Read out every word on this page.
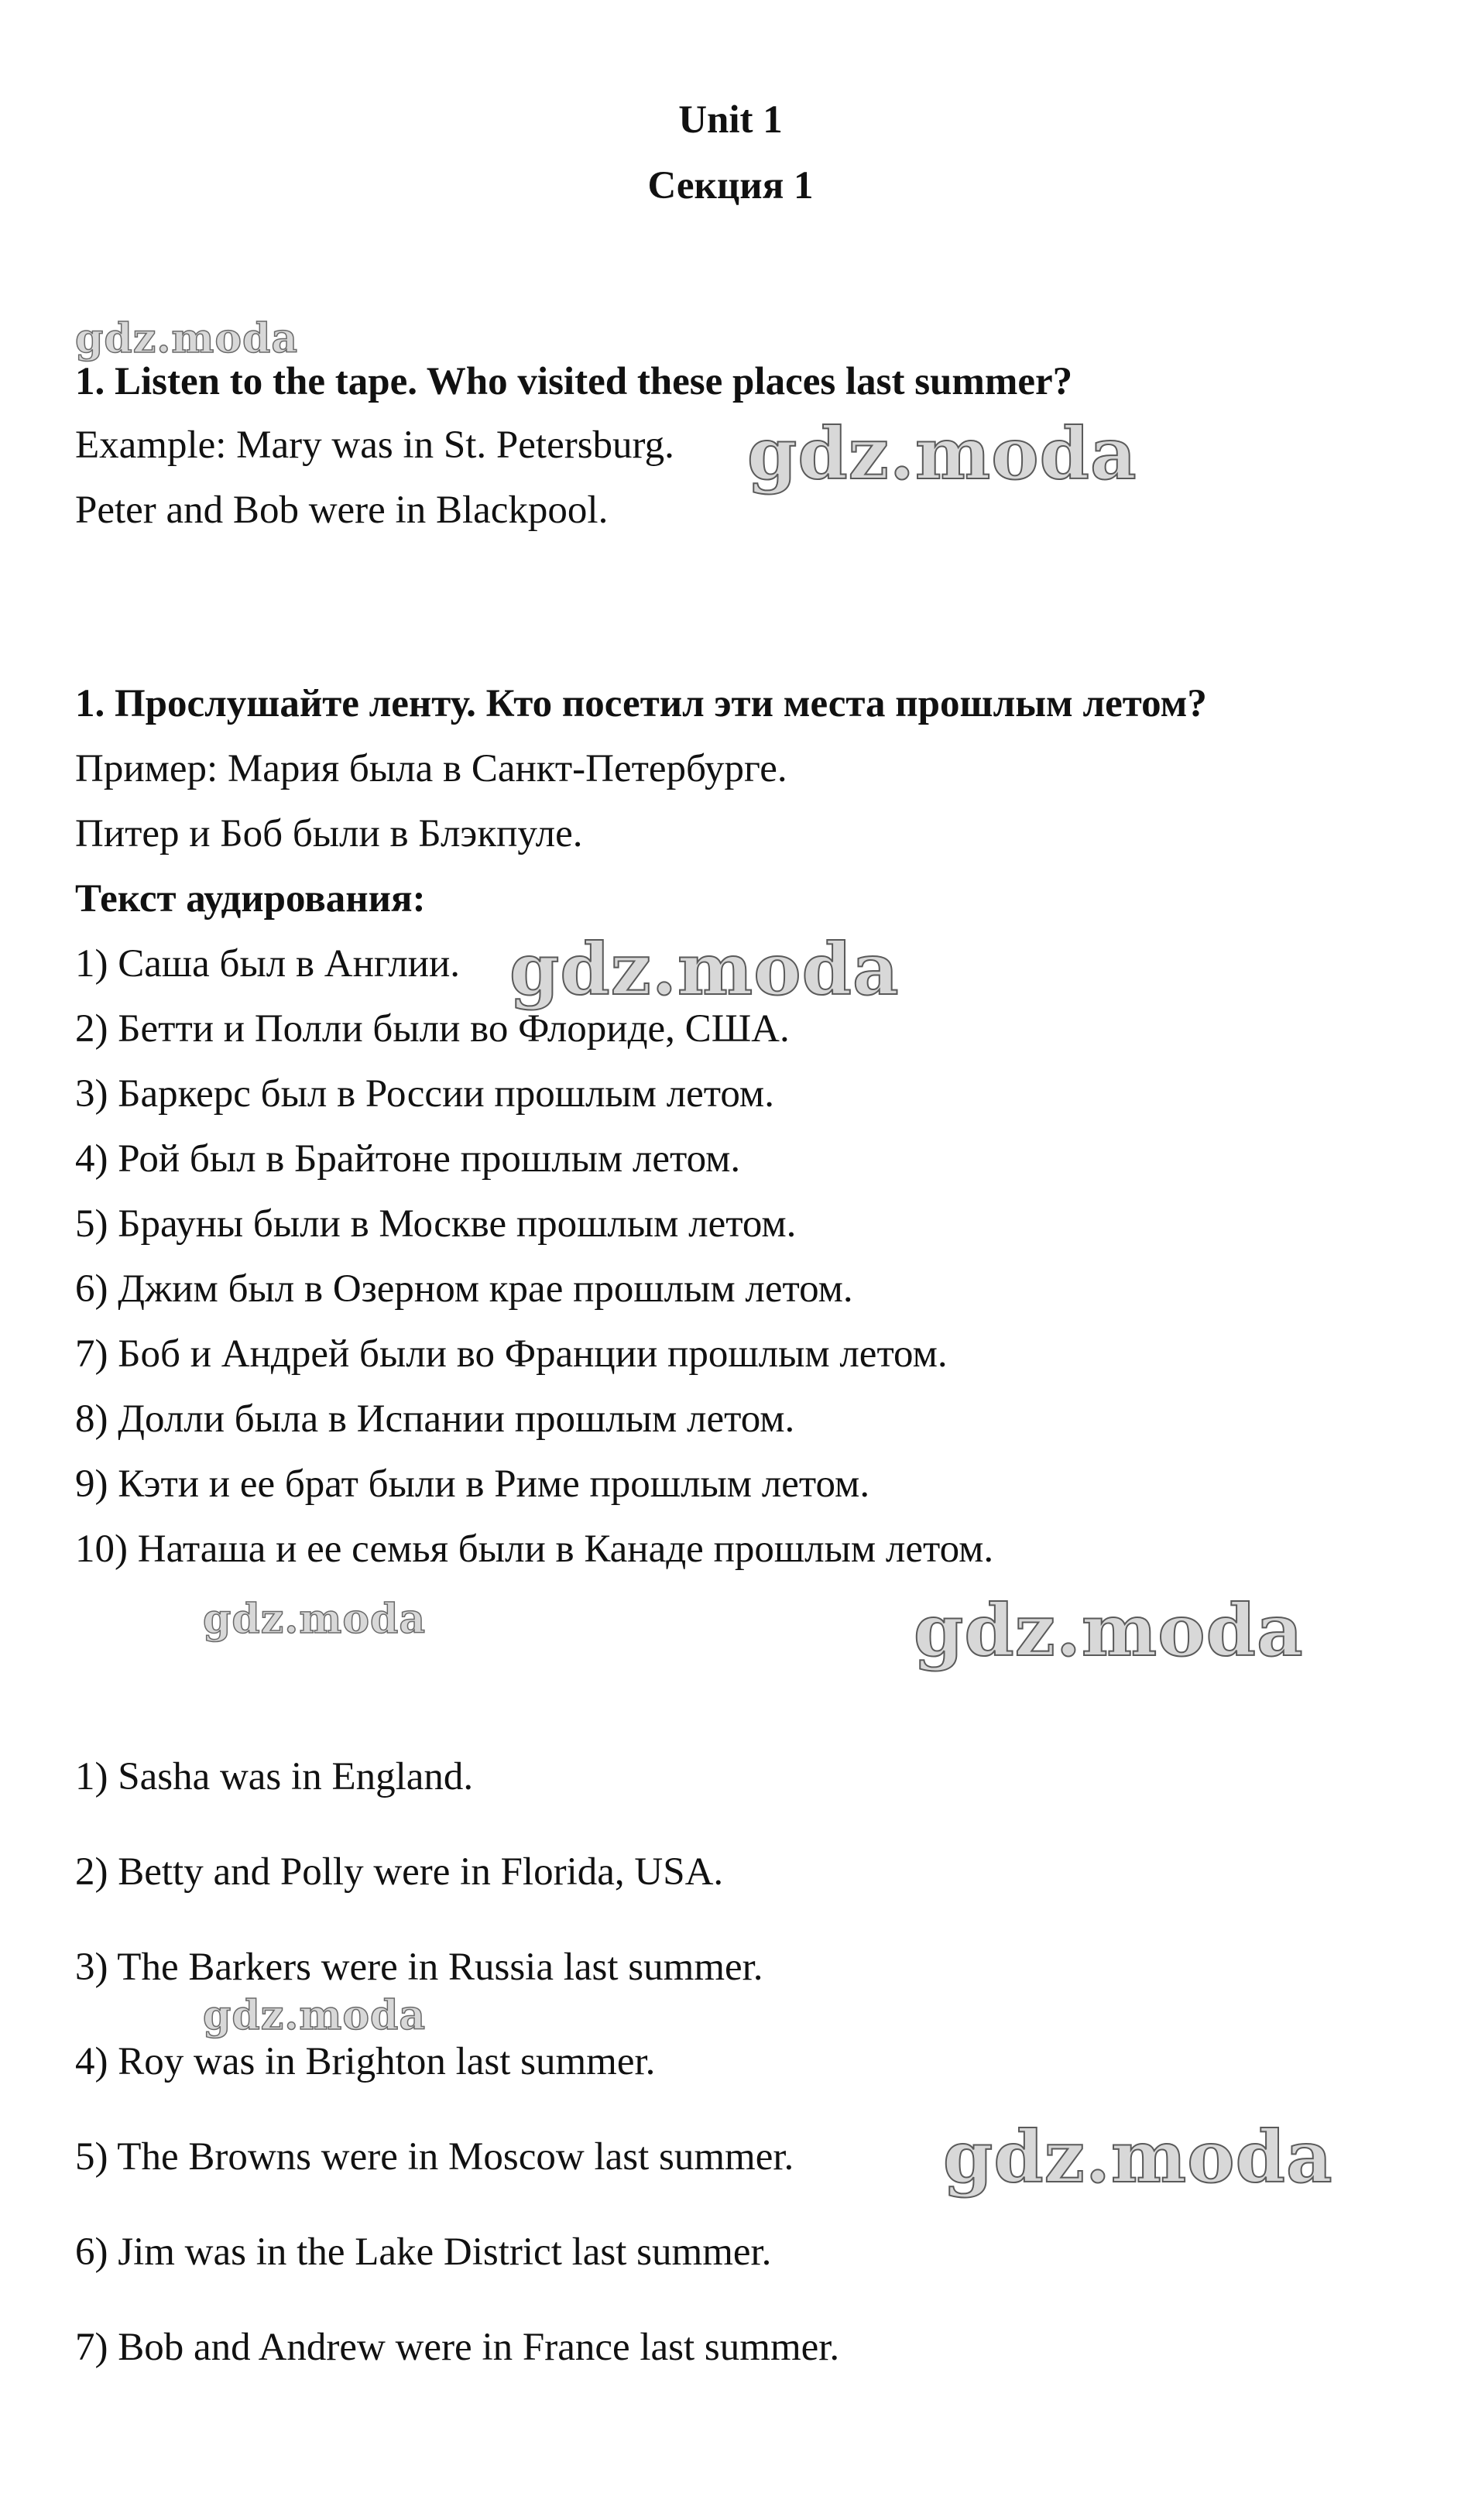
Unit 1
Секция 1
1. Listen to the tape. Who visited these places last summer?
Example: Mary was in St. Petersburg.
Peter and Bob were in Blackpool.
1. Прослушайте ленту. Кто посетил эти места прошлым летом?
Пример: Мария была в Санкт-Петербурге.
Питер и Боб были в Блэкпуле.
Текст аудирования:
1) Саша был в Англии.
2) Бетти и Полли были во Флориде, США.
3) Баркерс был в России прошлым летом.
4) Рой был в Брайтоне прошлым летом.
5) Брауны были в Москве прошлым летом.
6) Джим был в Озерном крае прошлым летом.
7) Боб и Андрей были во Франции прошлым летом.
8) Долли была в Испании прошлым летом.
9) Кэти и ее брат были в Риме прошлым летом.
10) Наташа и ее семья были в Канаде прошлым летом.
1) Sasha was in England.
2) Betty and Polly were in Florida, USA.
3) The Barkers were in Russia last summer.
4) Roy was in Brighton last summer.
5) The Browns were in Moscow last summer.
6) Jim was in the Lake District last summer.
7) Bob and Andrew were in France last summer.
gdz.moda
gdz.moda
gdz.moda
gdz.moda	gdz.moda
gdz.moda
gdz.moda
